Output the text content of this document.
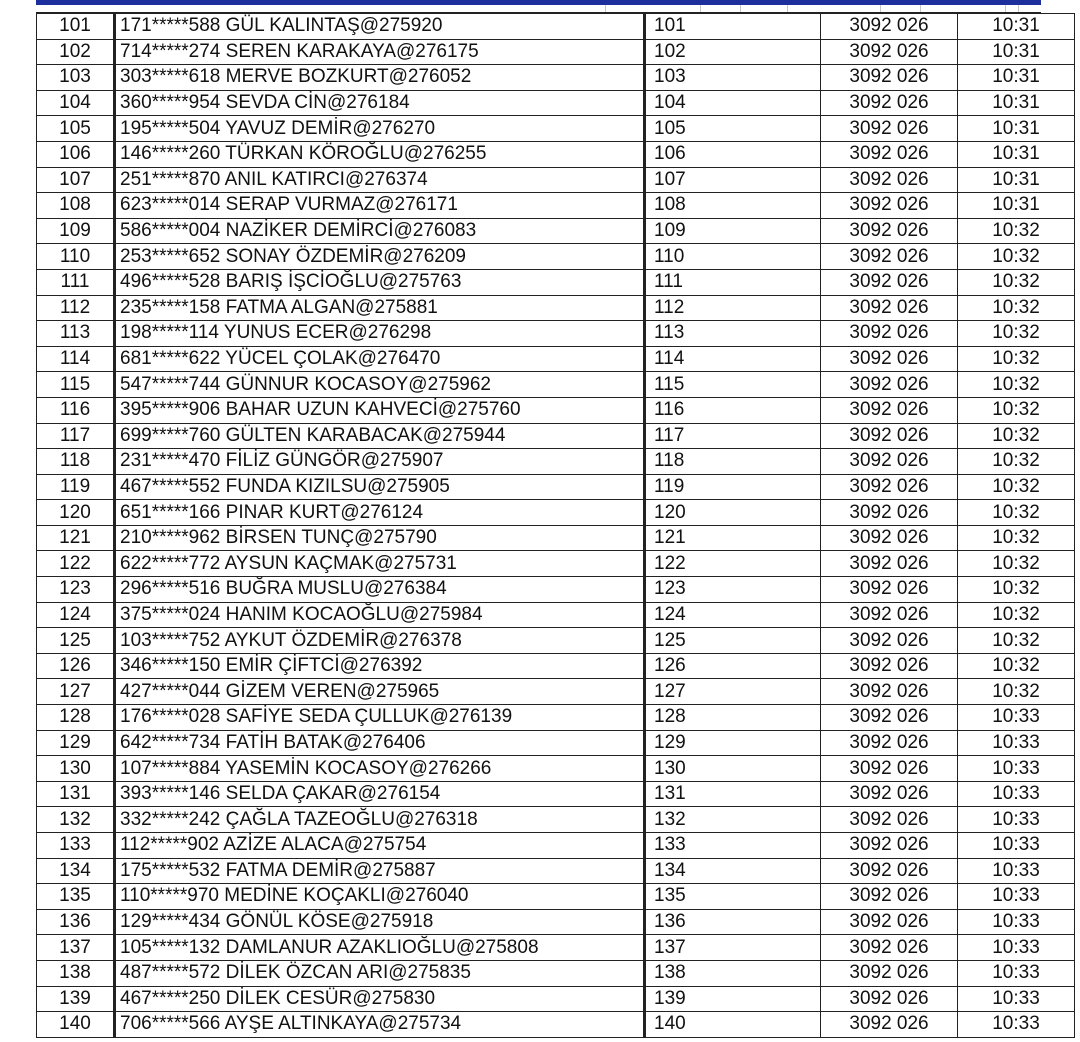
101	171*****588 GÜL KALINTAŞ@275920	101	3092 026	10:31
102	714*****274 SEREN KARAKAYA@276175	102	3092 026	10:31
103	303*****618 MERVE BOZKURT@276052	103	3092 026	10:31
104	360*****954 SEVDA CİN@276184	104	3092 026	10:31
105	195*****504 YAVUZ DEMİR@276270	105	3092 026	10:31
106	146*****260 TÜRKAN KÖROĞLU@276255	106	3092 026	10:31
107	251*****870 ANIL KATIRCI@276374	107	3092 026	10:31
108	623*****014 SERAP VURMAZ@276171	108	3092 026	10:31
109	586*****004 NAZİKER DEMİRCİ@276083	109	3092 026	10:32
110	253*****652 SONAY ÖZDEMİR@276209	110	3092 026	10:32
111	496*****528 BARIŞ İŞCİOĞLU@275763	111	3092 026	10:32
112	235*****158 FATMA ALGAN@275881	112	3092 026	10:32
113	198*****114 YUNUS ECER@276298	113	3092 026	10:32
114	681*****622 YÜCEL ÇOLAK@276470	114	3092 026	10:32
115	547*****744 GÜNNUR KOCASOY@275962	115	3092 026	10:32
116	395*****906 BAHAR UZUN KAHVECİ@275760	116	3092 026	10:32
117	699*****760 GÜLTEN KARABACAK@275944	117	3092 026	10:32
118	231*****470 FİLİZ GÜNGÖR@275907	118	3092 026	10:32
119	467*****552 FUNDA KIZILSU@275905	119	3092 026	10:32
120	651*****166 PINAR KURT@276124	120	3092 026	10:32
121	210*****962 BİRSEN TUNÇ@275790	121	3092 026	10:32
122	622*****772 AYSUN KAÇMAK@275731	122	3092 026	10:32
123	296*****516 BUĞRA MUSLU@276384	123	3092 026	10:32
124	375*****024 HANIM KOCAOĞLU@275984	124	3092 026	10:32
125	103*****752 AYKUT ÖZDEMİR@276378	125	3092 026	10:32
126	346*****150 EMİR ÇİFTCİ@276392	126	3092 026	10:32
127	427*****044 GİZEM VEREN@275965	127	3092 026	10:32
128	176*****028 SAFİYE SEDA ÇULLUK@276139	128	3092 026	10:33
129	642*****734 FATİH BATAK@276406	129	3092 026	10:33
130	107*****884 YASEMİN KOCASOY@276266	130	3092 026	10:33
131	393*****146 SELDA ÇAKAR@276154	131	3092 026	10:33
132	332*****242 ÇAĞLA TAZEOĞLU@276318	132	3092 026	10:33
133	112*****902 AZİZE ALACA@275754	133	3092 026	10:33
134	175*****532 FATMA DEMİR@275887	134	3092 026	10:33
135	110*****970 MEDİNE KOÇAKLI@276040	135	3092 026	10:33
136	129*****434 GÖNÜL KÖSE@275918	136	3092 026	10:33
137	105*****132 DAMLANUR AZAKLIOĞLU@275808	137	3092 026	10:33
138	487*****572 DİLEK ÖZCAN ARI@275835	138	3092 026	10:33
139	467*****250 DİLEK CESÜR@275830	139	3092 026	10:33
140	706*****566 AYŞE ALTINKAYA@275734	140	3092 026	10:33
